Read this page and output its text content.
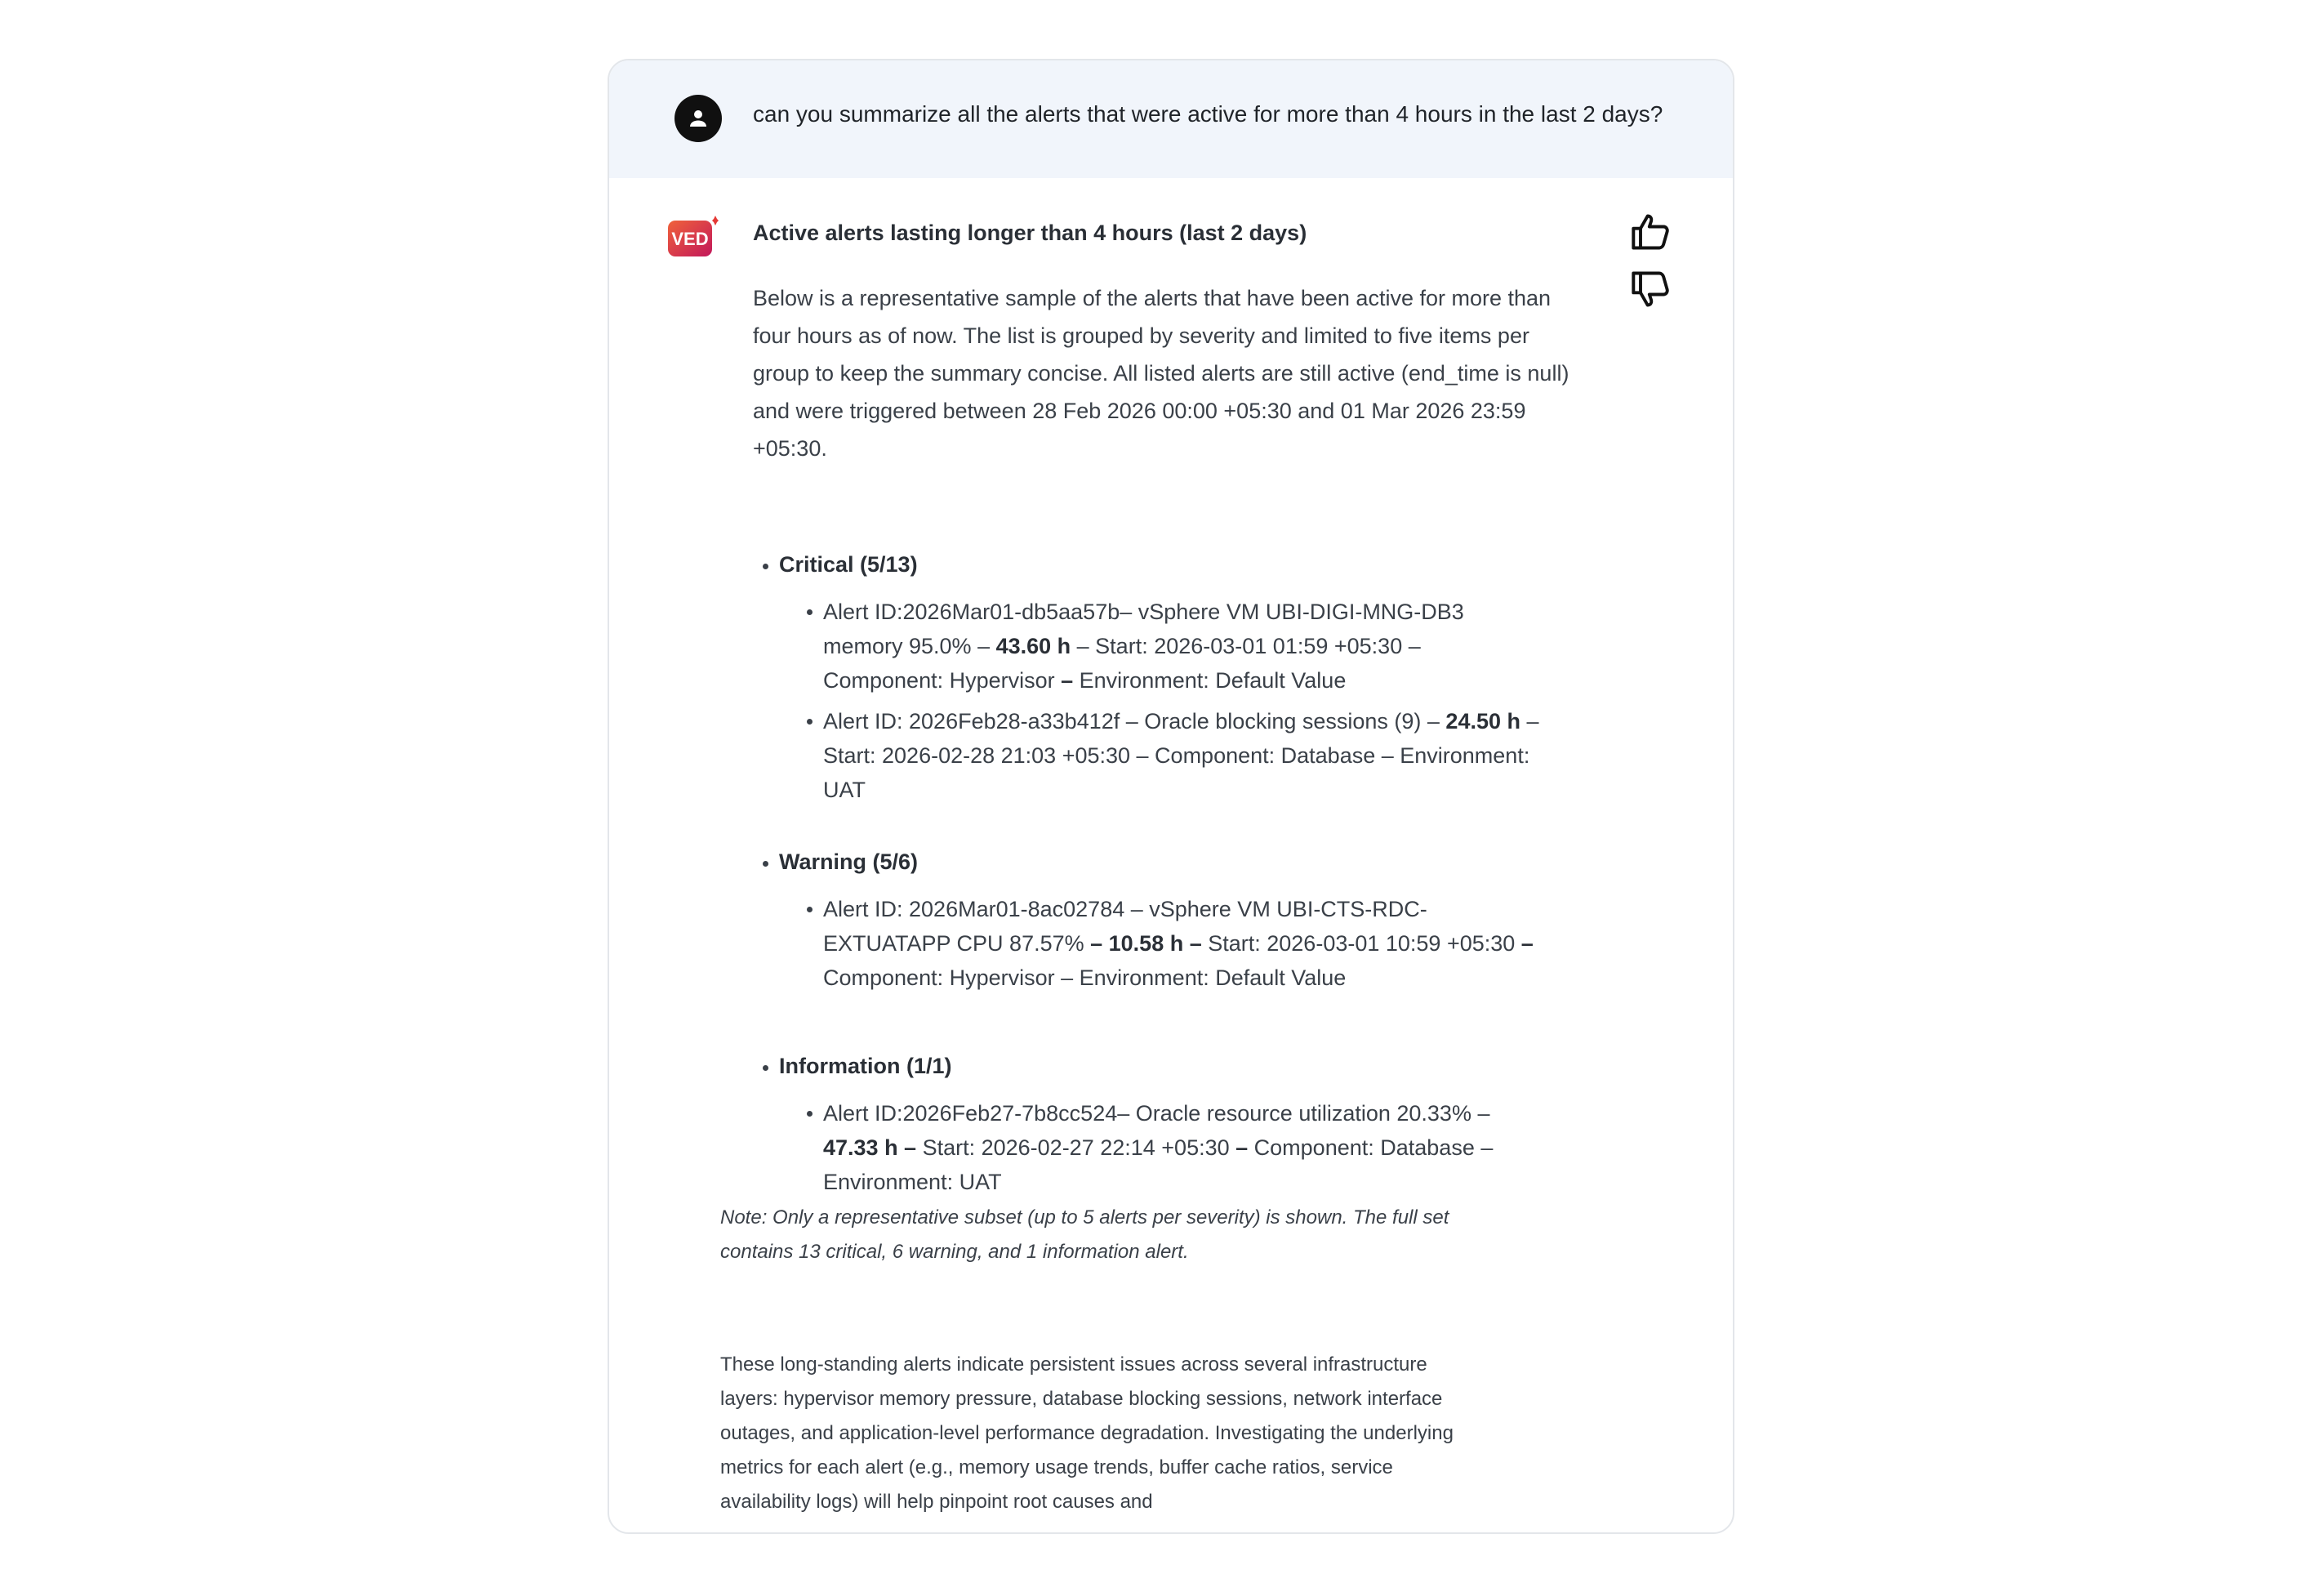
can you summarize all the alerts that were active for more than 4 hours in the last 2 days?
VED Active alerts lasting longer than 4 hours (last 2 days)
Below is a representative sample of the alerts that have been active for more than four hours as of now. The list is grouped by severity and limited to five items per group to keep the summary concise. All listed alerts are still active (end_time is null) and were triggered between 28 Feb 2026 00:00 +05:30 and 01 Mar 2026 23:59 +05:30.
Critical (5/13)
Alert ID:2026Mar01-db5aa57b– vSphere VM UBI-DIGI-MNG-DB3 memory 95.0% – 43.60 h – Start: 2026-03-01 01:59 +05:30 – Component: Hypervisor – Environment: Default Value
Alert ID: 2026Feb28-a33b412f – Oracle blocking sessions (9) – 24.50 h – Start: 2026-02-28 21:03 +05:30 – Component: Database – Environment: UAT
Warning (5/6)
Alert ID: 2026Mar01-8ac02784 – vSphere VM UBI-CTS-RDC-EXTUATAPP CPU 87.57% – 10.58 h – Start: 2026-03-01 10:59 +05:30 – Component: Hypervisor – Environment: Default Value
Information (1/1)
Alert ID:2026Feb27-7b8cc524– Oracle resource utilization 20.33% – 47.33 h – Start: 2026-02-27 22:14 +05:30 – Component: Database – Environment: UAT
Note: Only a representative subset (up to 5 alerts per severity) is shown. The full set contains 13 critical, 6 warning, and 1 information alert.
These long-standing alerts indicate persistent issues across several infrastructure layers: hypervisor memory pressure, database blocking sessions, network interface outages, and application-level performance degradation. Investigating the underlying metrics for each alert (e.g., memory usage trends, buffer cache ratios, service availability logs) will help pinpoint root causes and
